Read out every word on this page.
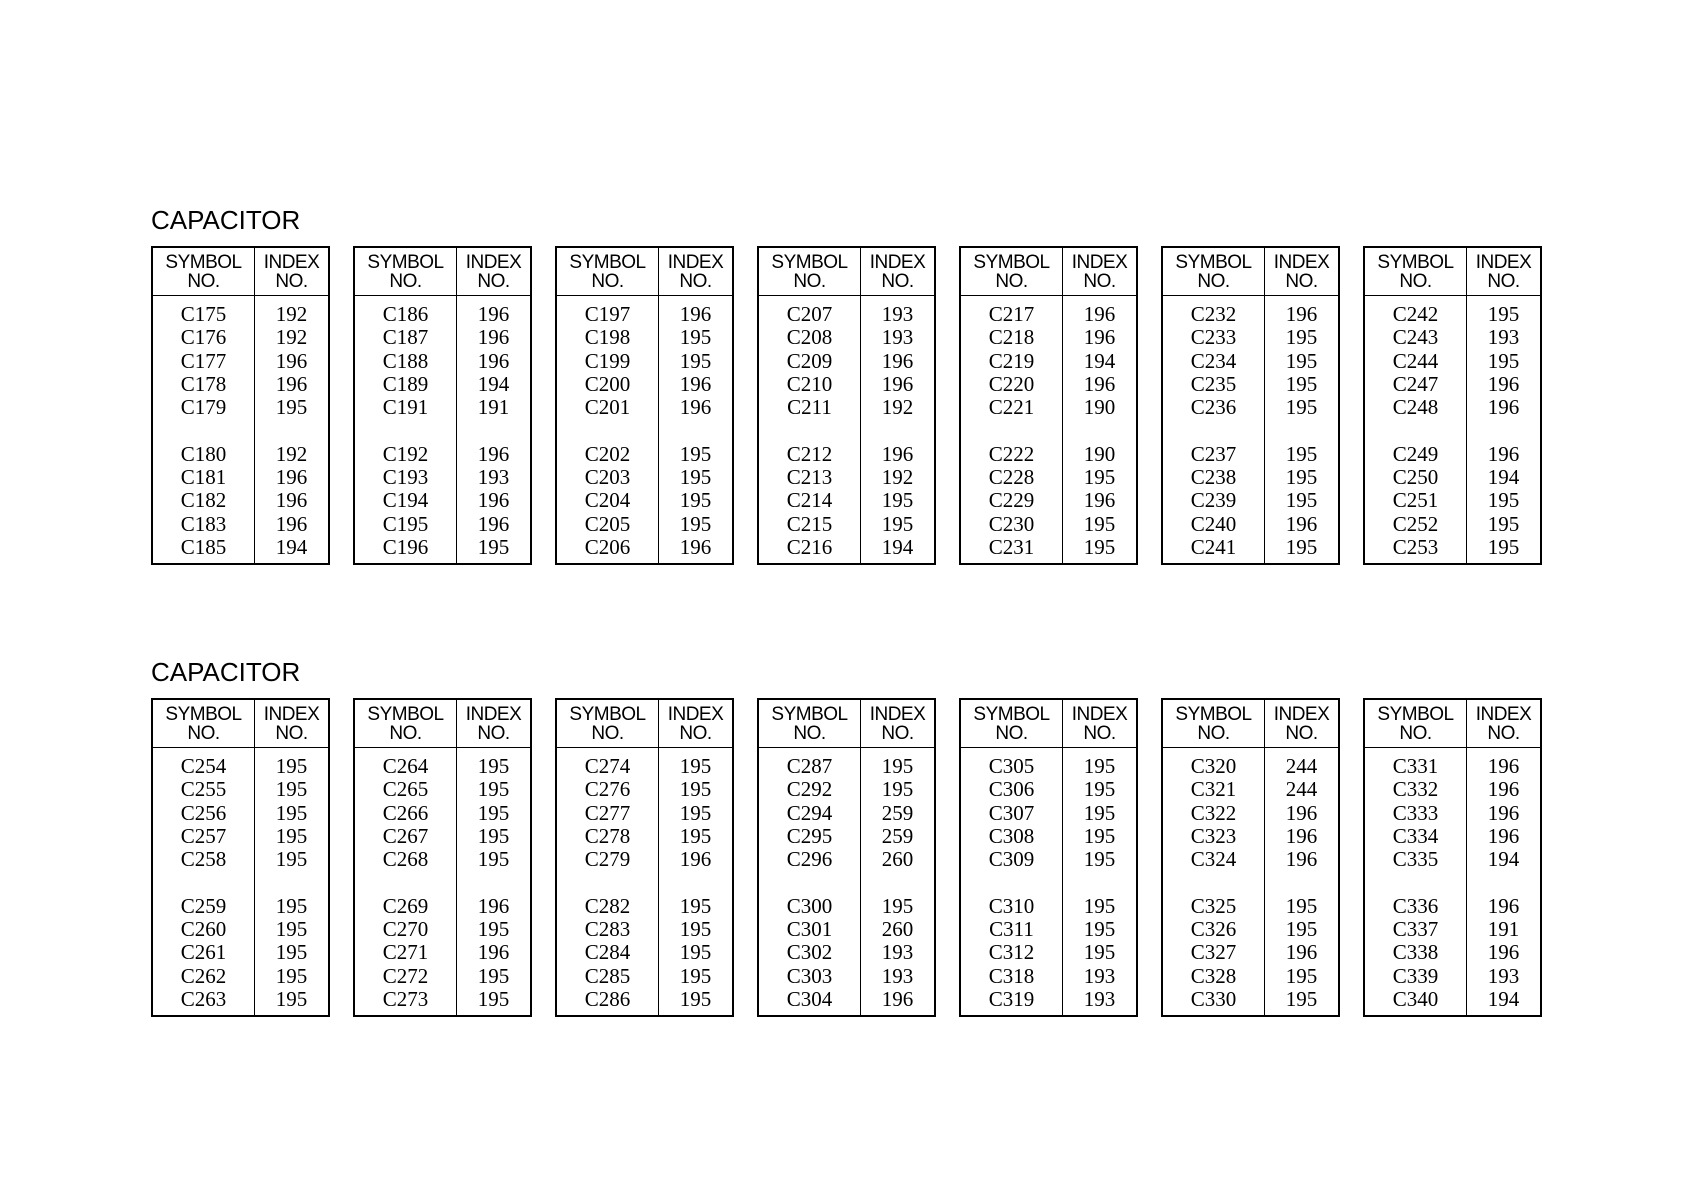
CAPACITOR
SYMBOL
NO.
INDEX
NO.
C175
C176
C177
C178
C179
C180
C181
C182
C183
C185
192
192
196
196
195
192
196
196
196
194
SYMBOL
NO.
INDEX
NO.
C186
C187
C188
C189
C191
C192
C193
C194
C195
C196
196
196
196
194
191
196
193
196
196
195
SYMBOL
NO.
INDEX
NO.
C197
C198
C199
C200
C201
C202
C203
C204
C205
C206
196
195
195
196
196
195
195
195
195
196
SYMBOL
NO.
INDEX
NO.
C207
C208
C209
C210
C211
C212
C213
C214
C215
C216
193
193
196
196
192
196
192
195
195
194
SYMBOL
NO.
INDEX
NO.
C217
C218
C219
C220
C221
C222
C228
C229
C230
C231
196
196
194
196
190
190
195
196
195
195
SYMBOL
NO.
INDEX
NO.
C232
C233
C234
C235
C236
C237
C238
C239
C240
C241
196
195
195
195
195
195
195
195
196
195
SYMBOL
NO.
INDEX
NO.
C242
C243
C244
C247
C248
C249
C250
C251
C252
C253
195
193
195
196
196
196
194
195
195
195
CAPACITOR
SYMBOL
NO.
INDEX
NO.
C254
C255
C256
C257
C258
C259
C260
C261
C262
C263
195
195
195
195
195
195
195
195
195
195
SYMBOL
NO.
INDEX
NO.
C264
C265
C266
C267
C268
C269
C270
C271
C272
C273
195
195
195
195
195
196
195
196
195
195
SYMBOL
NO.
INDEX
NO.
C274
C276
C277
C278
C279
C282
C283
C284
C285
C286
195
195
195
195
196
195
195
195
195
195
SYMBOL
NO.
INDEX
NO.
C287
C292
C294
C295
C296
C300
C301
C302
C303
C304
195
195
259
259
260
195
260
193
193
196
SYMBOL
NO.
INDEX
NO.
C305
C306
C307
C308
C309
C310
C311
C312
C318
C319
195
195
195
195
195
195
195
195
193
193
SYMBOL
NO.
INDEX
NO.
C320
C321
C322
C323
C324
C325
C326
C327
C328
C330
244
244
196
196
196
195
195
196
195
195
SYMBOL
NO.
INDEX
NO.
C331
C332
C333
C334
C335
C336
C337
C338
C339
C340
196
196
196
196
194
196
191
196
193
194
